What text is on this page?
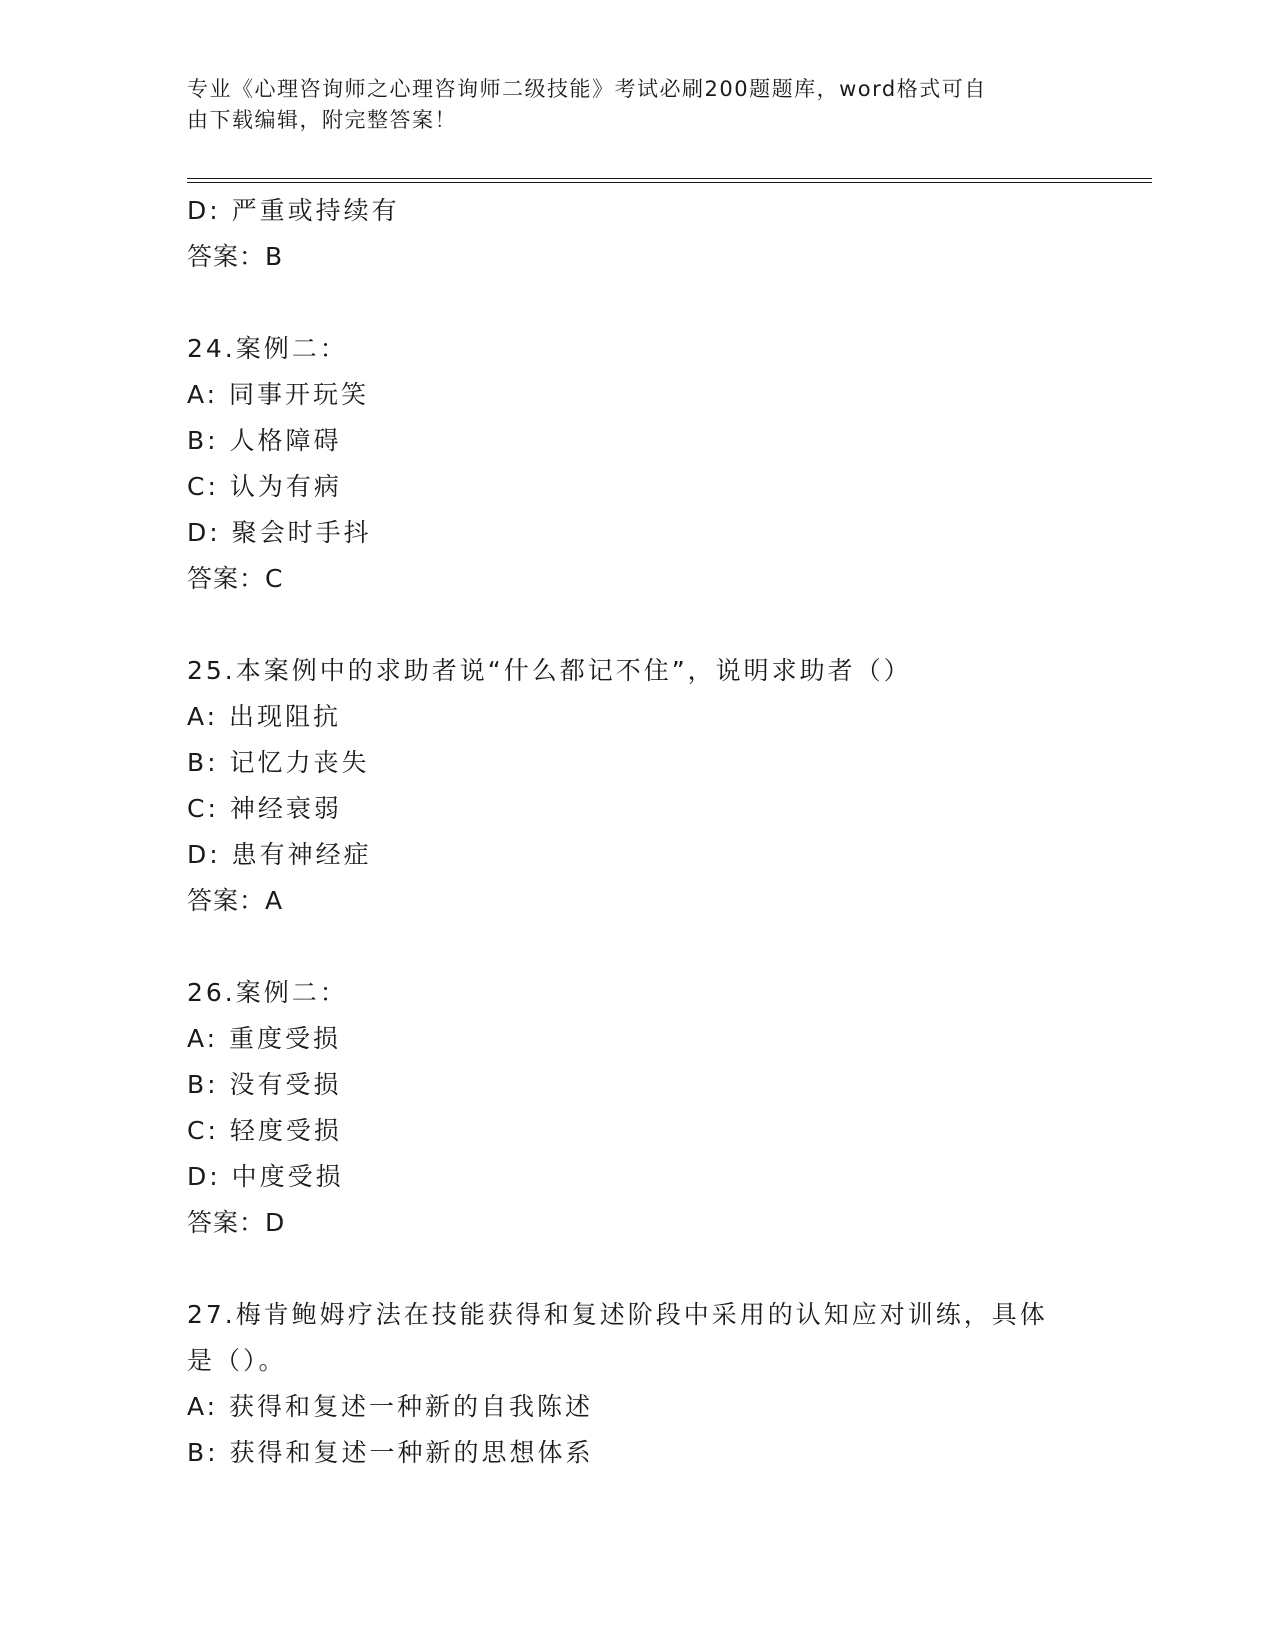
专业《心理咨询师之心理咨询师二级技能》考试必刷200题题库，word格式可自
由下载编辑，附完整答案！
D: 严重或持续有
答案：B
24.案例二：
A: 同事开玩笑
B: 人格障碍
C: 认为有病
D: 聚会时手抖
答案：C
25.本案例中的求助者说“什么都记不住”，说明求助者（）
A: 出现阻抗
B: 记忆力丧失
C: 神经衰弱
D: 患有神经症
答案：A
26.案例二：
A: 重度受损
B: 没有受损
C: 轻度受损
D: 中度受损
答案：D
27.梅肯鲍姆疗法在技能获得和复述阶段中采用的认知应对训练，具体
是（）。
A: 获得和复述一种新的自我陈述
B: 获得和复述一种新的思想体系
